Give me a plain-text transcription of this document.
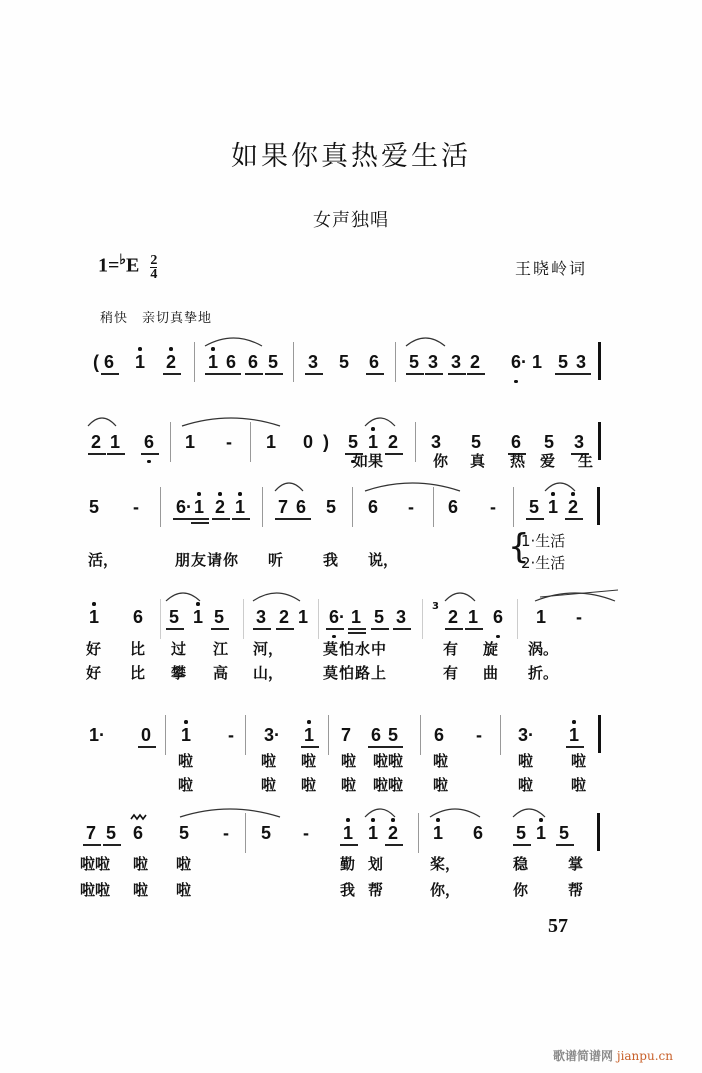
如果你真热爱生活
女声独唱
$1=^♭E \frac{2}{4}$	王晓岭词
稍快　亲切真挚地
( 6 1 2 1 6 6 5 3 5 6 5 3 3 2 6· 1 5 3
2 1 6 1 - 1 0 ) 5 1 2 3 5 6 5 3
如果	你 真 热 爱 生
5 - 6· 1 2 1 7 6 5 6 - 6 - 5 1 2
活，	朋友请你 听	我 说，	{
1·生活
2·生活
1 6 5 1 5 3 2 1 6· 1 5 3 2 1 6 1 -
好 比 过 江 河，	莫怕水中	有 旋 涡。
好 比 攀 高 山，	莫怕路上	有 曲 折。
3
1· 0 1 - 3· 1 7 6 5 6 - 3· 1
啦	啦 啦 啦 啦啦 啦	啦	啦
啦	啦 啦 啦 啦啦 啦	啦	啦
7 5 6 5 - 5 - 1 1 2 1 6 5 1 5
啦啦 啦 啦	勤 划	桨，	稳	掌
啦啦 啦 啦	我 帮	你，	你	帮
57
歌谱简谱网 jianpu.cn
